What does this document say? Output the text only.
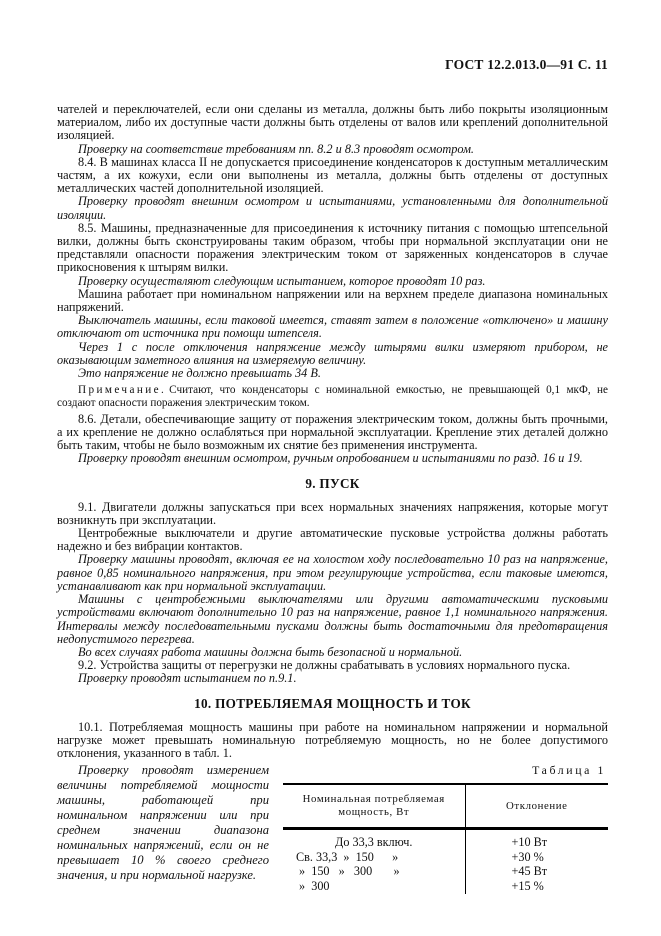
ГОСТ 12.2.013.0—91 С. 11

чателей и переключателей, если они сделаны из металла, должны быть либо покрыты изоляционным материалом, либо их доступные части должны быть отделены от валов или креплений дополнительной изоляцией.

Проверку на соответствие требованиям пп. 8.2 и 8.3 проводят осмотром.

8.4. В машинах класса II не допускается присоединение конденсаторов к доступным металлическим частям, а их кожухи, если они выполнены из металла, должны быть отделены от доступных металлических частей дополнительной изоляцией.

Проверку проводят внешним осмотром и испытаниями, установленными для дополнительной изоляции.

8.5. Машины, предназначенные для присоединения к источнику питания с помощью штепсельной вилки, должны быть сконструированы таким образом, чтобы при нормальной эксплуатации они не представляли опасности поражения электрическим током от заряженных конденсаторов в случае прикосновения к штырям вилки.

Проверку осуществляют следующим испытанием, которое проводят 10 раз.

Машина работает при номинальном напряжении или на верхнем пределе диапазона номинальных напряжений.

Выключатель машины, если таковой имеется, ставят затем в положение «отключено» и машину отключают от источника при помощи штепселя.

Через 1 с после отключения напряжение между штырями вилки измеряют прибором, не оказывающим заметного влияния на измеряемую величину.

Это напряжение не должно превышать 34 В.

Примечание. Считают, что конденсаторы с номинальной емкостью, не превышающей 0,1 мкФ, не создают опасности поражения электрическим током.

8.6. Детали, обеспечивающие защиту от поражения электрическим током, должны быть прочными, а их крепление не должно ослабляться при нормальной эксплуатации. Крепление этих деталей должно быть таким, чтобы не было возможным их снятие без применения инструмента.

Проверку проводят внешним осмотром, ручным опробованием и испытаниями по разд. 16 и 19.

9. ПУСК

9.1. Двигатели должны запускаться при всех нормальных значениях напряжения, которые могут возникнуть при эксплуатации.

Центробежные выключатели и другие автоматические пусковые устройства должны работать надежно и без вибрации контактов.

Проверку машины проводят, включая ее на холостом ходу последовательно 10 раз на напряжение, равное 0,85 номинального напряжения, при этом регулирующие устройства, если таковые имеются, устанавливают как при нормальной эксплуатации.

Машины с центробежными выключателями или другими автоматическими пусковыми устройствами включают дополнительно 10 раз на напряжение, равное 1,1 номинального напряжения. Интервалы между последовательными пусками должны быть достаточными для предотвращения недопустимого перегрева.

Во всех случаях работа машины должна быть безопасной и нормальной.

9.2. Устройства защиты от перегрузки не должны срабатывать в условиях нормального пуска.

Проверку проводят испытанием по п.9.1.

10. ПОТРЕБЛЯЕМАЯ МОЩНОСТЬ И ТОК

10.1. Потребляемая мощность машины при работе на номинальном напряжении и нормальной нагрузке может превышать номинальную потребляемую мощность, но не более допустимого отклонения, указанного в табл. 1.

Проверку проводят измерением величины потребляемой мощности машины, работающей при номинальном напряжении или при среднем значении диапазона номинальных напряжений, если он не превышает 10 % своего среднего значения, и при нормальной нагрузке.

Таблица 1
Номинальная потребляемая мощность, Вт	Отклонение
До 33,3 включ.	+10 Вт
Св. 33,3  »  150      »	+30 %
»  150   »   300       »	+45 Вт
»  300	+15 %
